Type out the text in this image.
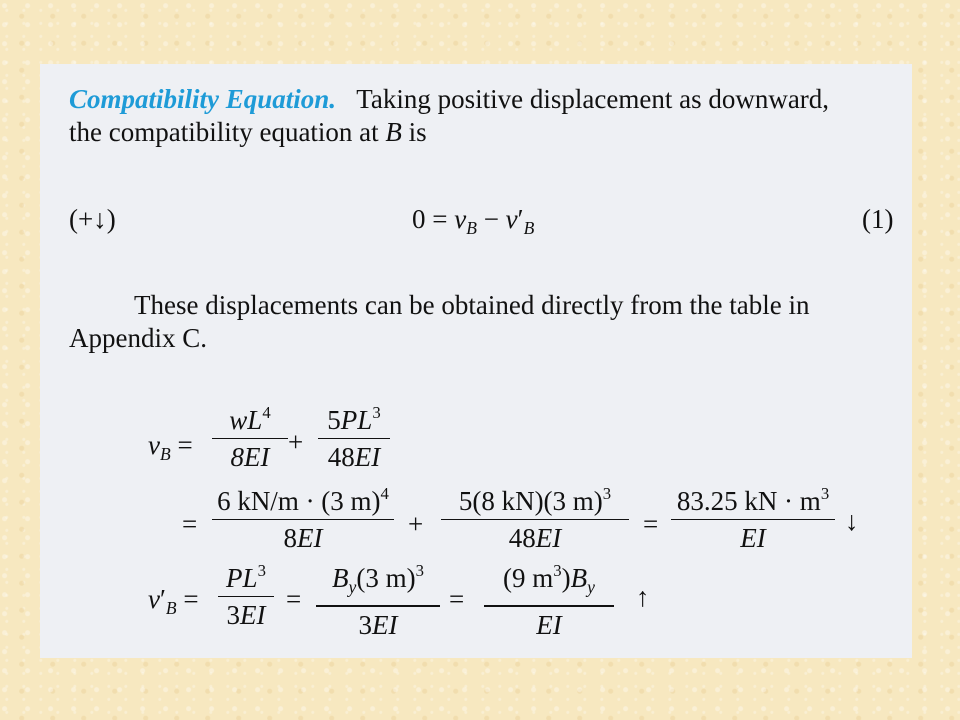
Compatibility Equation. Taking positive displacement as downward,
the compatibility equation at B is
(+↓)	$0 = v_B - v'_B$	(1)
These displacements can be obtained directly from the table in
Appendix C.
$v_B$ =
$wL^4$
8EI
+
$5PL^3$
48EI
=
6 kN/m · (3 m)$^4$
8EI	+
5(8 kN)(3 m)$^3$
48EI	=
83.25 kN · $m^3$
EI
↓
$v'_B$ =
$PL^3$
3EI
=
$B_y(3$ m)$^3$
3EI
=
(9 $m^3)B_y$
EI
↑
